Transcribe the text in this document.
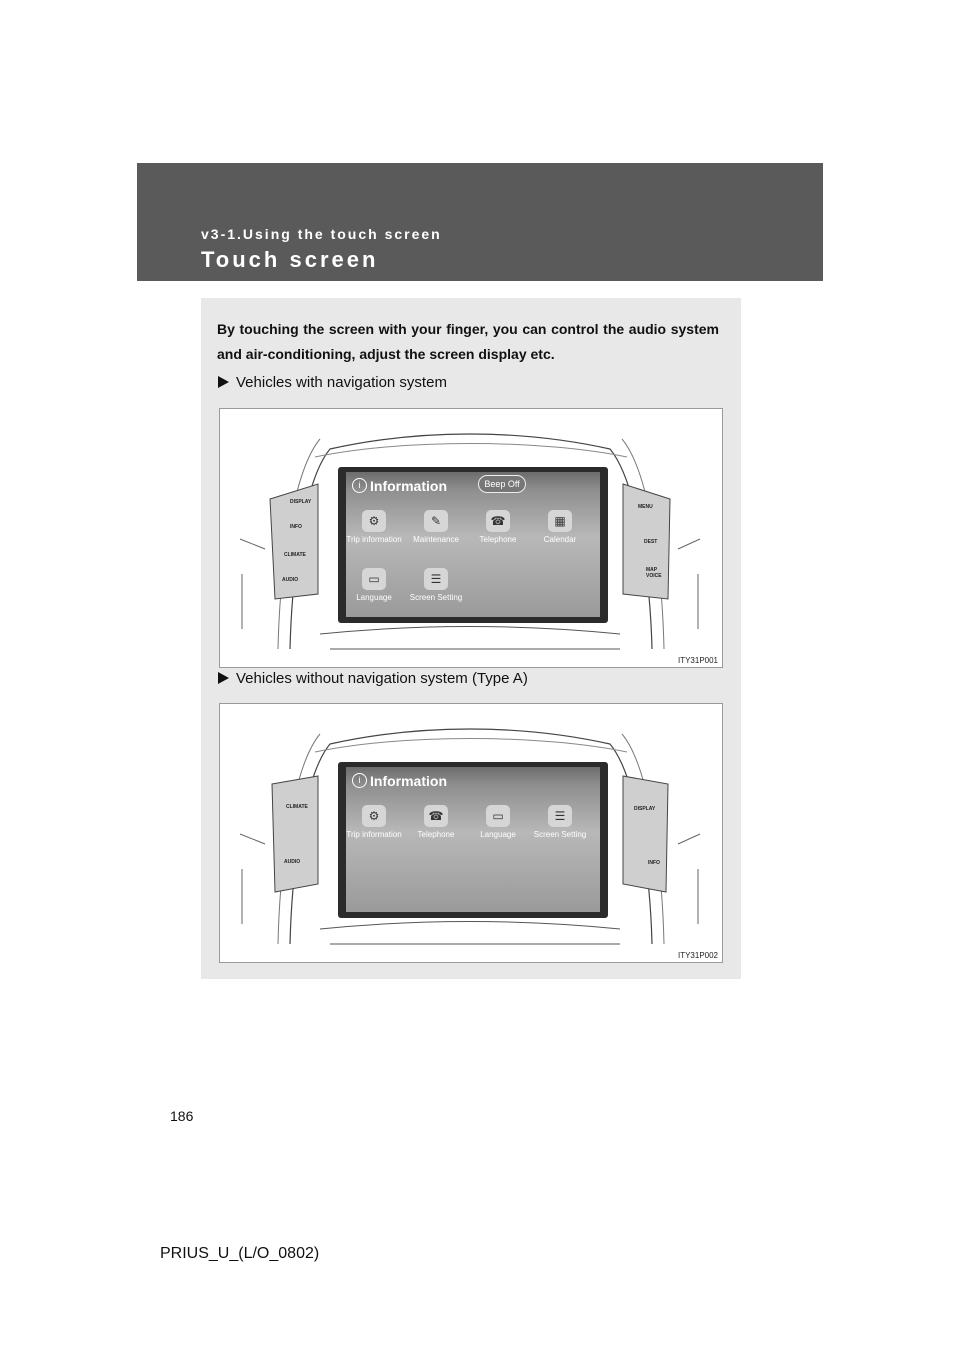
v3-1.Using the touch screen
Touch screen
By touching the screen with your finger, you can control the audio system and air-conditioning, adjust the screen display etc.
Vehicles with navigation system
DISPLAY
INFO
CLIMATE
AUDIO
MENU
DEST
MAP VOICE
i Information	Beep Off
⚙
Trip information
✎
Maintenance
☎
Telephone
▦
Calendar
▭
Language
☰
Screen Setting
ITY31P001
Vehicles without navigation system (Type A)
CLIMATE
AUDIO
DISPLAY
INFO
i Information
⚙
Trip information
☎
Telephone
▭
Language
☰
Screen Setting
ITY31P002
186
PRIUS_U_(L/O_0802)
